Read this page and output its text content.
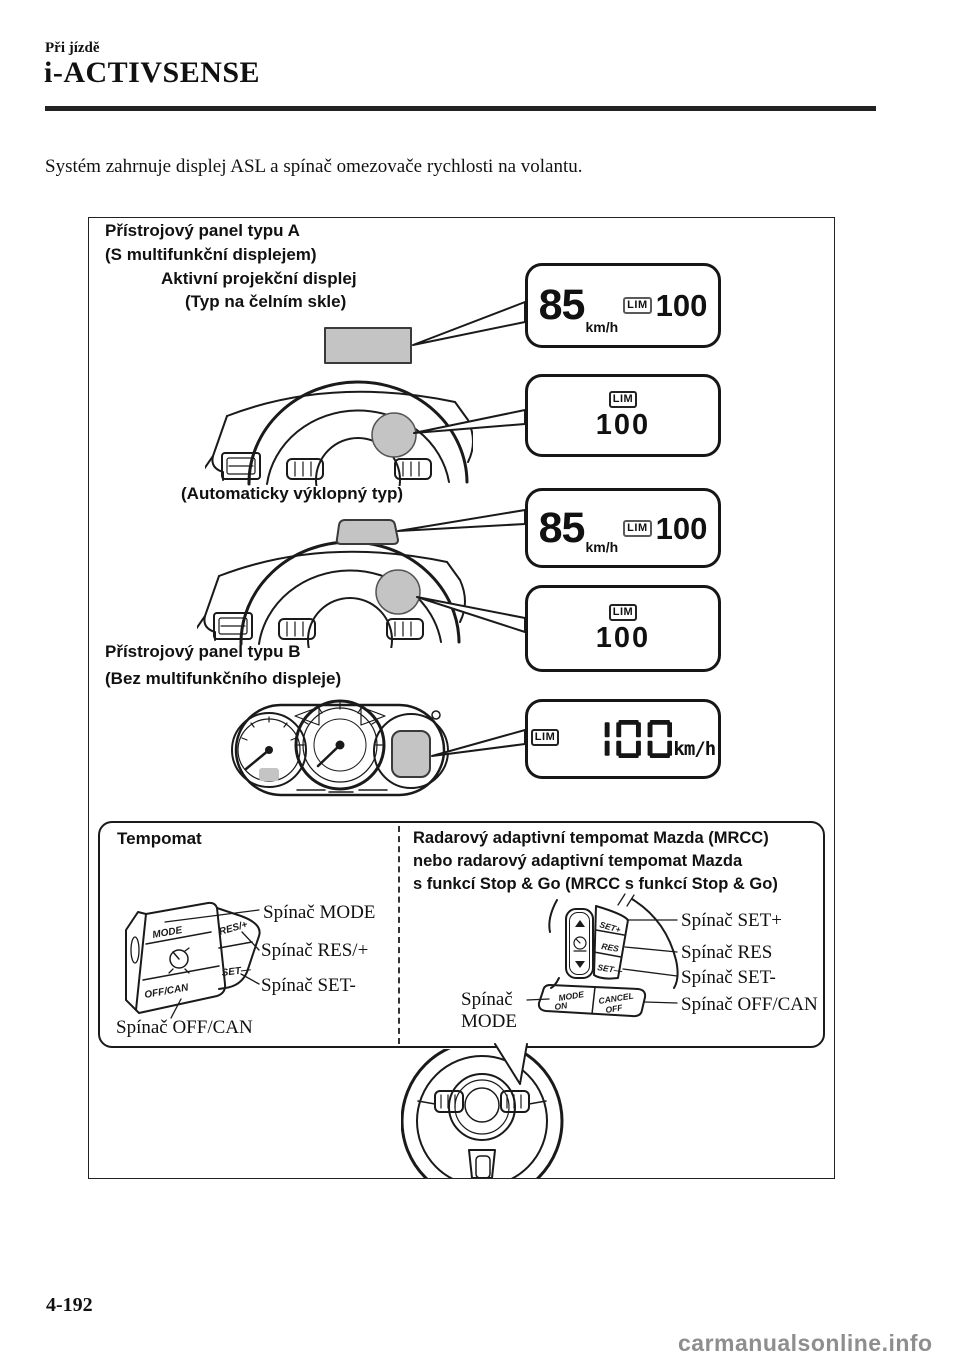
Při jízdě
i-ACTIVSENSE
Systém zahrnuje displej ASL a spínač omezovače rychlosti na volantu.
MODE
OFF/CAN
RES/+
SET—
SET+
RES
SET—
MODE
ON
CANCEL
OFF
Přístrojový panel typu A
(S multifunkční displejem)
Aktivní projekční displej
(Typ na čelním skle)
(Automaticky výklopný typ)
Přístrojový panel typu B
(Bez multifunkčního displeje)
85 km/h
LIM 100
LIM
100
85 km/h
LIM 100
LIM
100
LIM
km/h
Tempomat	Radarový adaptivní tempomat Mazda (MRCC)
nebo radarový adaptivní tempomat Mazda
s funkcí Stop & Go (MRCC s funkcí Stop & Go)
Spínač MODE
Spínač RES/+
Spínač SET-
Spínač OFF/CAN
Spínač SET+
Spínač RES
Spínač SET-
Spínač OFF/CAN
Spínač
MODE
4-192
carmanualsonline.info
